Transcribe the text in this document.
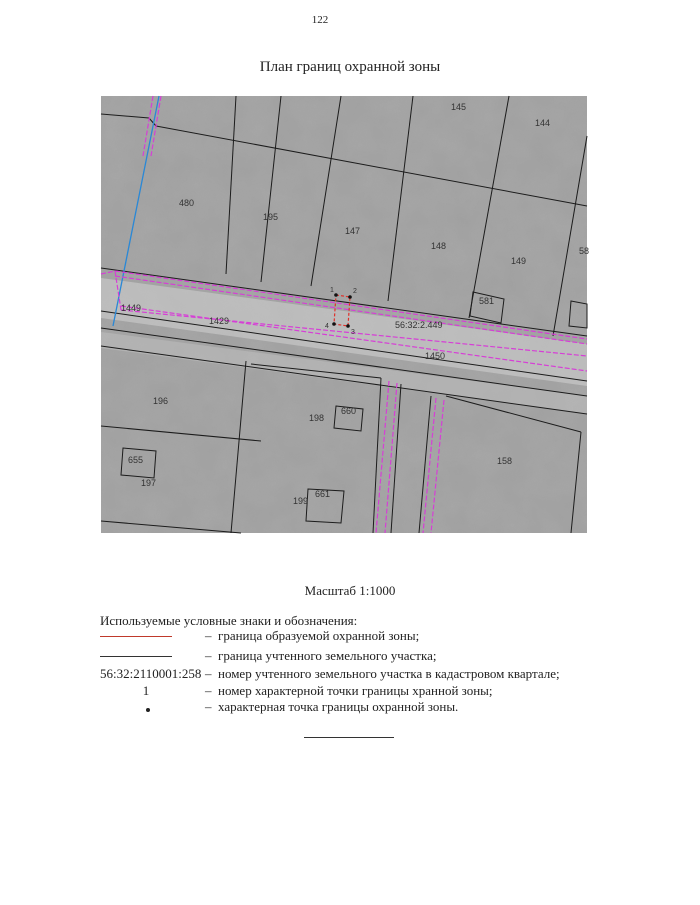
122
План границ охранной зоны
145
144
480
195
147
148
149
58
581
1449
1429	56:32:2.449
1450
196
198
660
158
655
197
199
661
1	2
3
4
Масштаб 1:1000
Используемые условные знаки и обозначения:
– граница образуемой охранной зоны;
– граница учтенного земельного участка;
56:32:2110001:258 – номер учтенного земельного участка в кадастровом квартале;
1	– номер характерной точки границы хранной зоны;
– характерная точка границы охранной зоны.
